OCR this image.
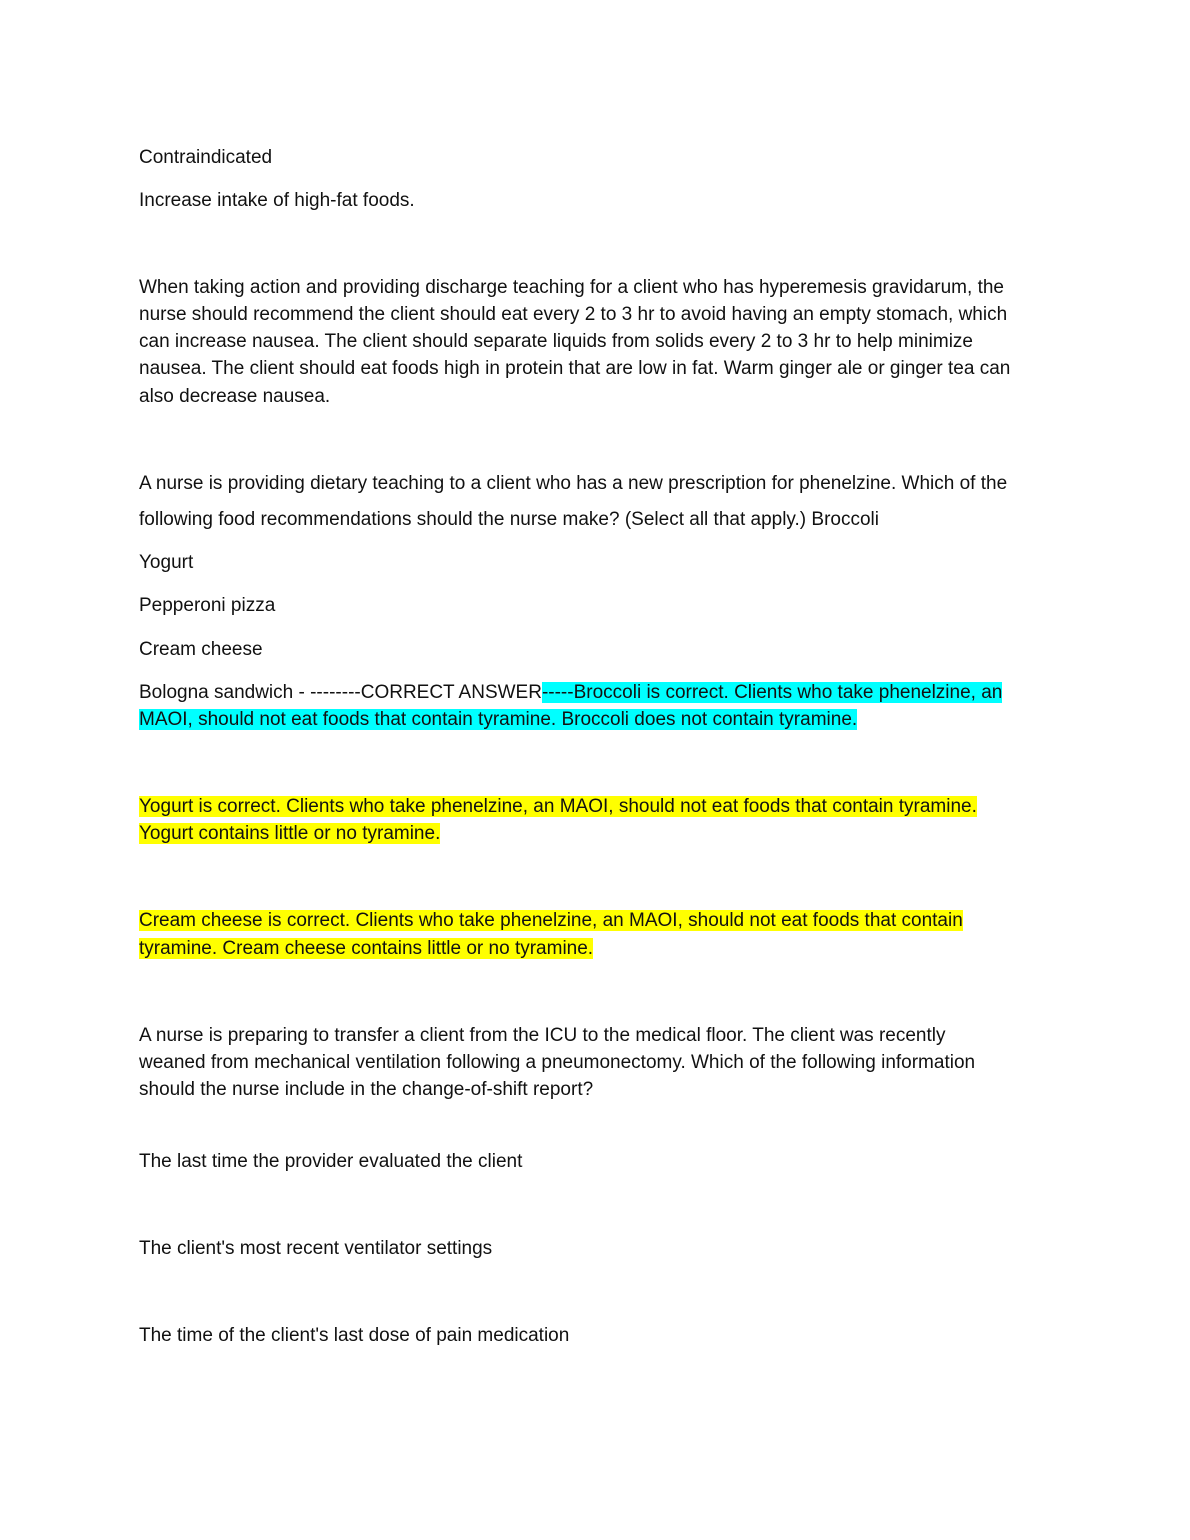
Contraindicated
Increase intake of high-fat foods.
When taking action and providing discharge teaching for a client who has hyperemesis gravidarum, the
nurse should recommend the client should eat every 2 to 3 hr to avoid having an empty stomach, which
can increase nausea. The client should separate liquids from solids every 2 to 3 hr to help minimize
nausea. The client should eat foods high in protein that are low in fat. Warm ginger ale or ginger tea can
also decrease nausea.
A nurse is providing dietary teaching to a client who has a new prescription for phenelzine. Which of the
following food recommendations should the nurse make? (Select all that apply.) Broccoli
Yogurt
Pepperoni pizza
Cream cheese
Bologna sandwich - --------CORRECT ANSWER-----Broccoli is correct. Clients who take phenelzine, an
MAOI, should not eat foods that contain tyramine. Broccoli does not contain tyramine.
Yogurt is correct. Clients who take phenelzine, an MAOI, should not eat foods that contain tyramine.
Yogurt contains little or no tyramine.
Cream cheese is correct. Clients who take phenelzine, an MAOI, should not eat foods that contain
tyramine. Cream cheese contains little or no tyramine.
A nurse is preparing to transfer a client from the ICU to the medical floor. The client was recently
weaned from mechanical ventilation following a pneumonectomy. Which of the following information
should the nurse include in the change-of-shift report?
The last time the provider evaluated the client
The client's most recent ventilator settings
The time of the client's last dose of pain medication
